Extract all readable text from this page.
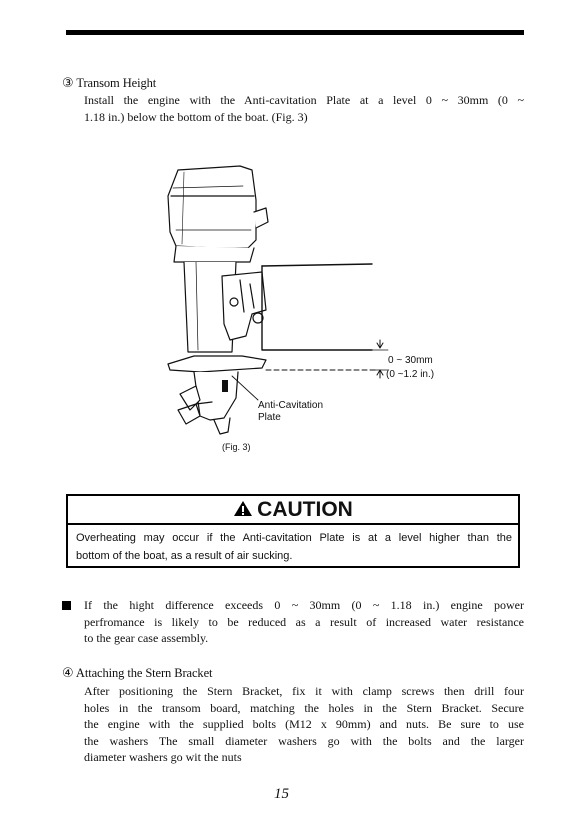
③ Transom Height
Install the engine with the Anti-cavitation Plate at a level 0 ~ 30mm (0 ~
1.18 in.) below the bottom of the boat. (Fig. 3)
0 ~ 30mm
(0 ~1.2 in.)
Anti-Cavitation
Plate
(Fig. 3)
CAUTION
Overheating may occur if the Anti-cavitation Plate is at a level higher than the
bottom of the boat, as a result of air sucking.
If the hight difference exceeds 0 ~ 30mm (0 ~ 1.18 in.) engine power
perfromance is likely to be reduced as a result of increased water resistance
to the gear case assembly.
④ Attaching the Stern Bracket
After positioning the Stern Bracket, fix it with clamp screws then drill four
holes in the transom board, matching the holes in the Stern Bracket. Secure
the engine with the supplied bolts (M12 x 90mm) and nuts. Be sure to use
the washers The small diameter washers go with the bolts and the larger
diameter washers go wit the nuts
15
